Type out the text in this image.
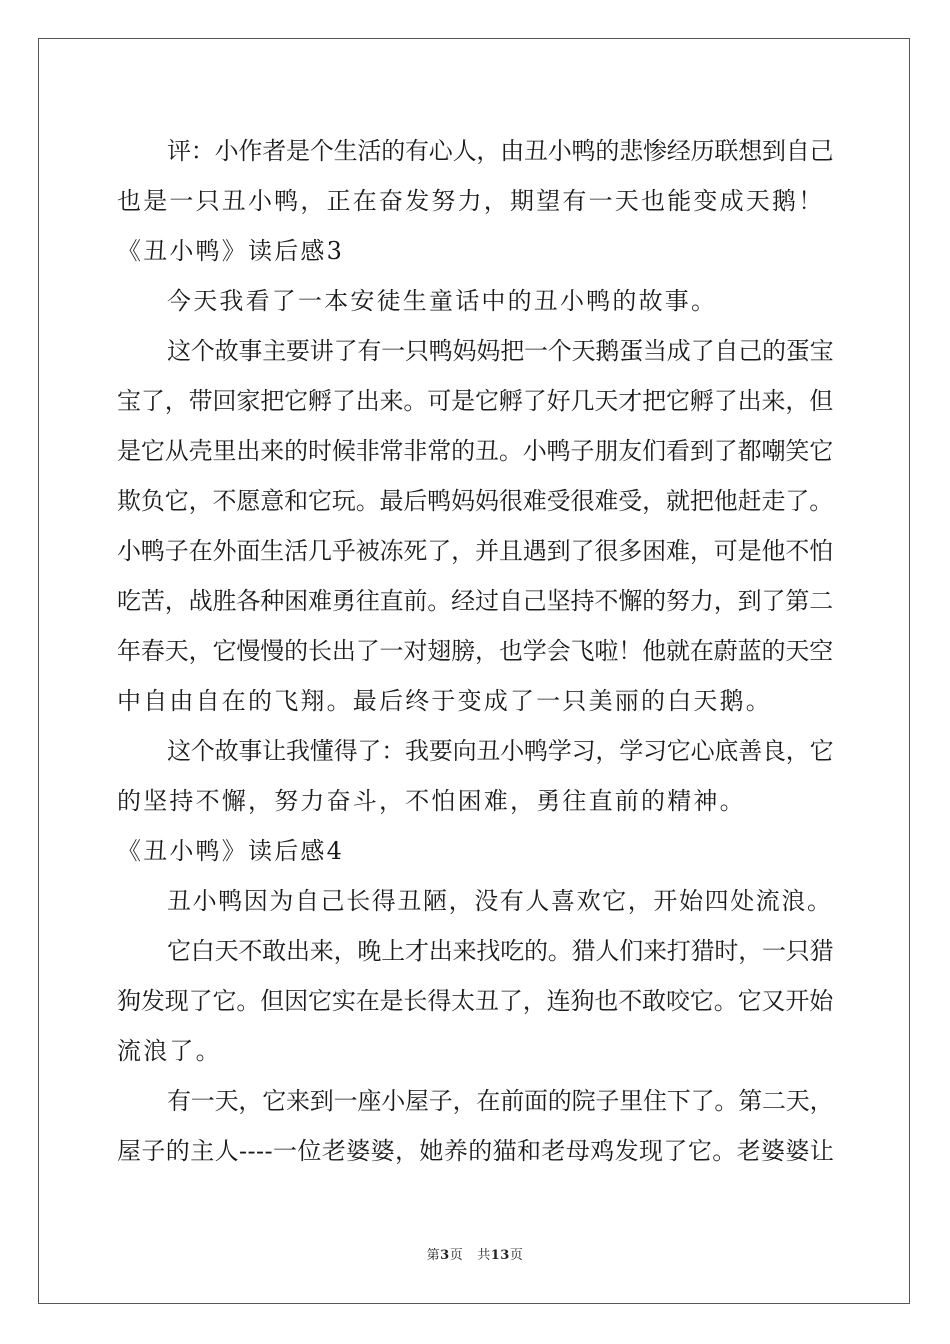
评：小作者是个生活的有心人，由丑小鸭的悲惨经历联想到自己
也是一只丑小鸭，正在奋发努力，期望有一天也能变成天鹅！
《丑小鸭》读后感3
今天我看了一本安徒生童话中的丑小鸭的故事。
这个故事主要讲了有一只鸭妈妈把一个天鹅蛋当成了自己的蛋宝
宝了，带回家把它孵了出来。可是它孵了好几天才把它孵了出来，但
是它从壳里出来的时候非常非常的丑。小鸭子朋友们看到了都嘲笑它
欺负它，不愿意和它玩。最后鸭妈妈很难受很难受，就把他赶走了。
小鸭子在外面生活几乎被冻死了，并且遇到了很多困难，可是他不怕
吃苦，战胜各种困难勇往直前。经过自己坚持不懈的努力，到了第二
年春天，它慢慢的长出了一对翅膀，也学会飞啦！他就在蔚蓝的天空
中自由自在的飞翔。最后终于变成了一只美丽的白天鹅。
这个故事让我懂得了：我要向丑小鸭学习，学习它心底善良，它
的坚持不懈，努力奋斗，不怕困难，勇往直前的精神。
《丑小鸭》读后感4
丑小鸭因为自己长得丑陋，没有人喜欢它，开始四处流浪。
它白天不敢出来，晚上才出来找吃的。猎人们来打猎时，一只猎
狗发现了它。但因它实在是长得太丑了，连狗也不敢咬它。它又开始
流浪了。
有一天，它来到一座小屋子，在前面的院子里住下了。第二天，
屋子的主人----一位老婆婆，她养的猫和老母鸡发现了它。老婆婆让
第3页 共13页
